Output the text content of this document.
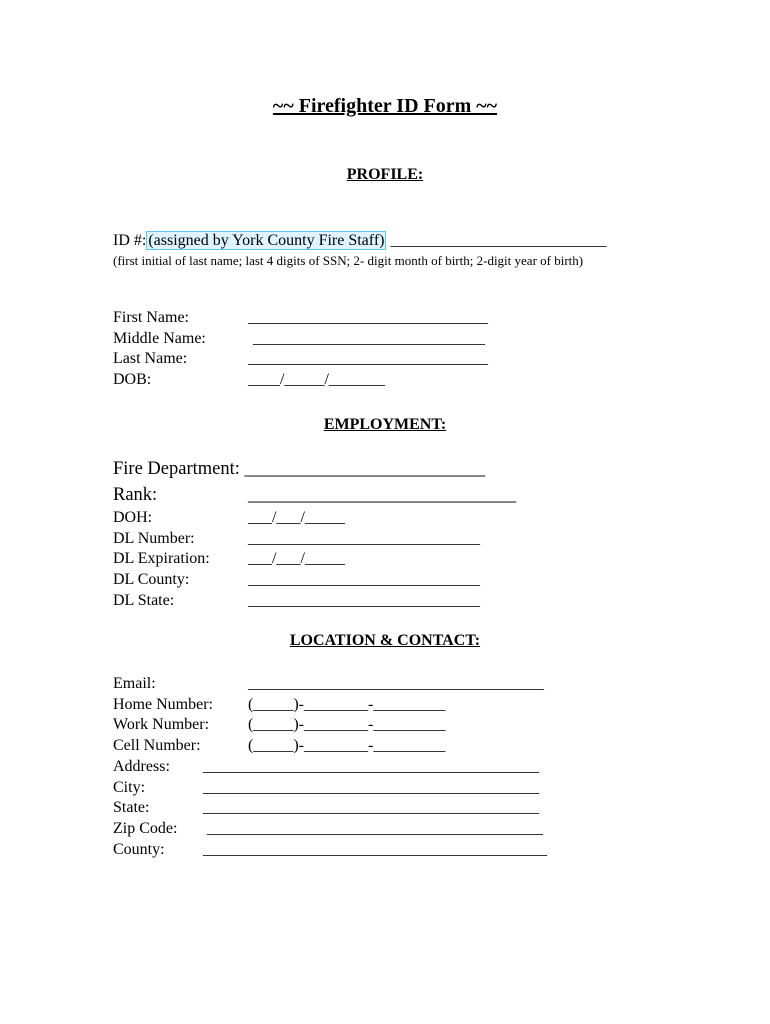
~~ Firefighter ID Form ~~
PROFILE:
ID #: (assigned by York County Fire Staff) ___________________________
(first initial of last name; last 4 digits of SSN; 2- digit month of birth; 2-digit year of birth)
First Name:	______________________________
Middle Name:	_____________________________
Last Name:	______________________________
DOB:	____/_____/_______
EMPLOYMENT:
Fire Department: __________________________
Rank:	_____________________________
DOH:	___/___/_____
DL Number:	_____________________________
DL Expiration: ___/___/_____
DL County:	_____________________________
DL State:	_____________________________
LOCATION & CONTACT:
Email:	_____________________________________
Home Number: (_____)-________-_________
Work Number: (_____)-________-_________
Cell Number:	(_____)-________-_________
Address: __________________________________________
City:	__________________________________________
State:	__________________________________________
Zip Code: __________________________________________
County: ___________________________________________
